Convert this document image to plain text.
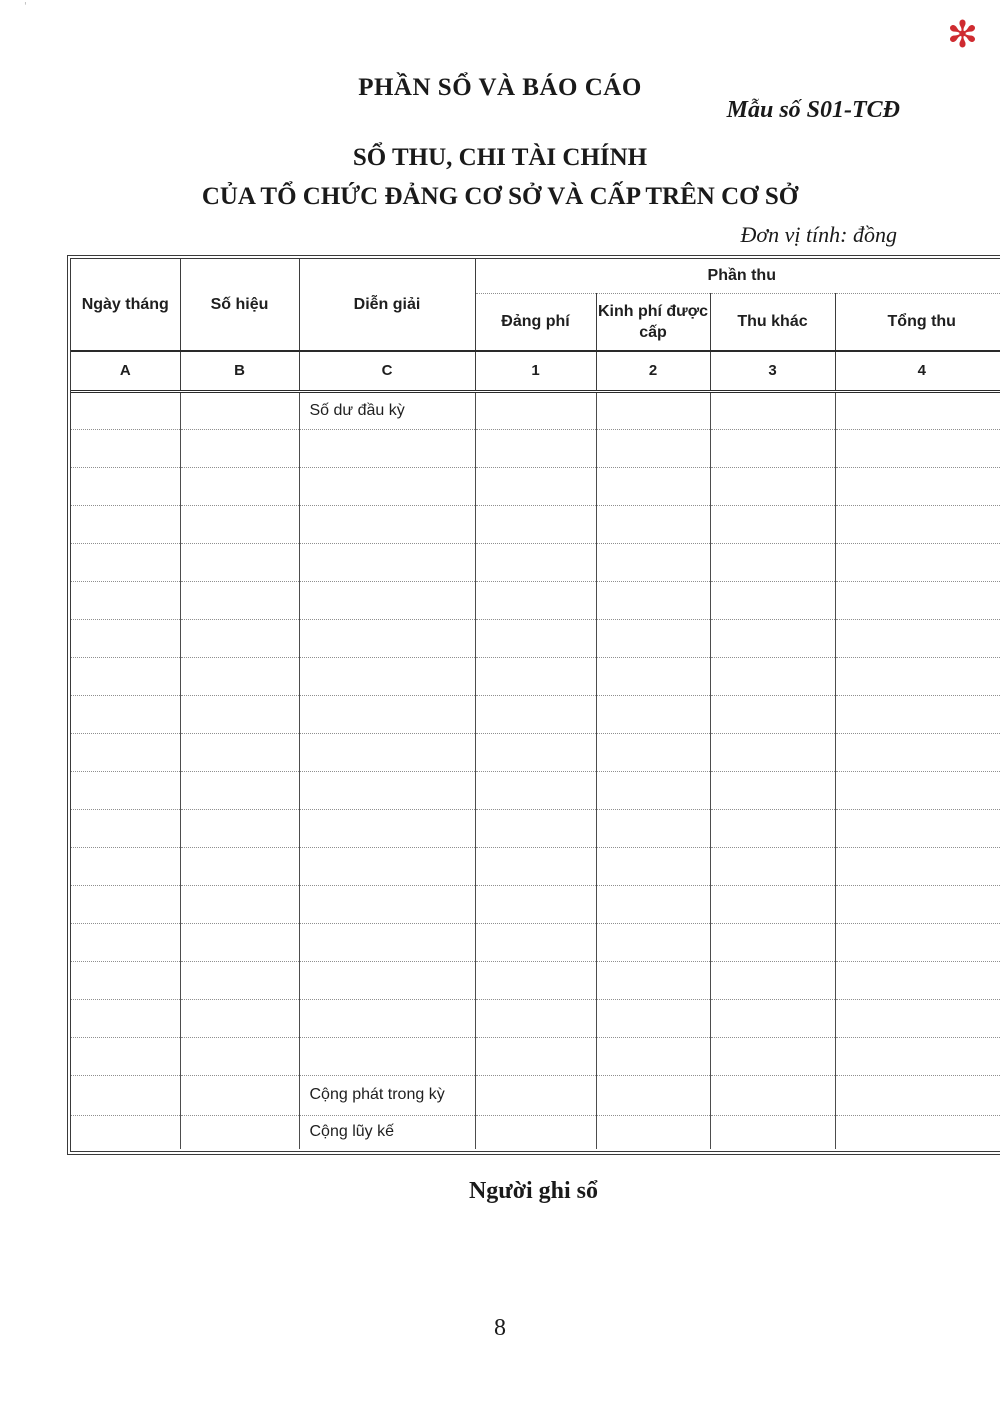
'
✻
PHẦN SỔ VÀ BÁO CÁO
Mẫu số S01-TCĐ
SỔ THU, CHI TÀI CHÍNH
CỦA TỔ CHỨC ĐẢNG CƠ SỞ VÀ CẤP TRÊN CƠ SỞ
Đơn vị tính: đồng
Ngày tháng	Số hiệu	Diễn giải	Phần thu			
			Đảng phí	Kinh phí được cấp	Thu khác	Tổng thu
A	B	C	1	2	3	4
		Số dư đầu kỳ				

		Cộng phát trong kỳ				
		Cộng lũy kế				
Người ghi sổ
8
